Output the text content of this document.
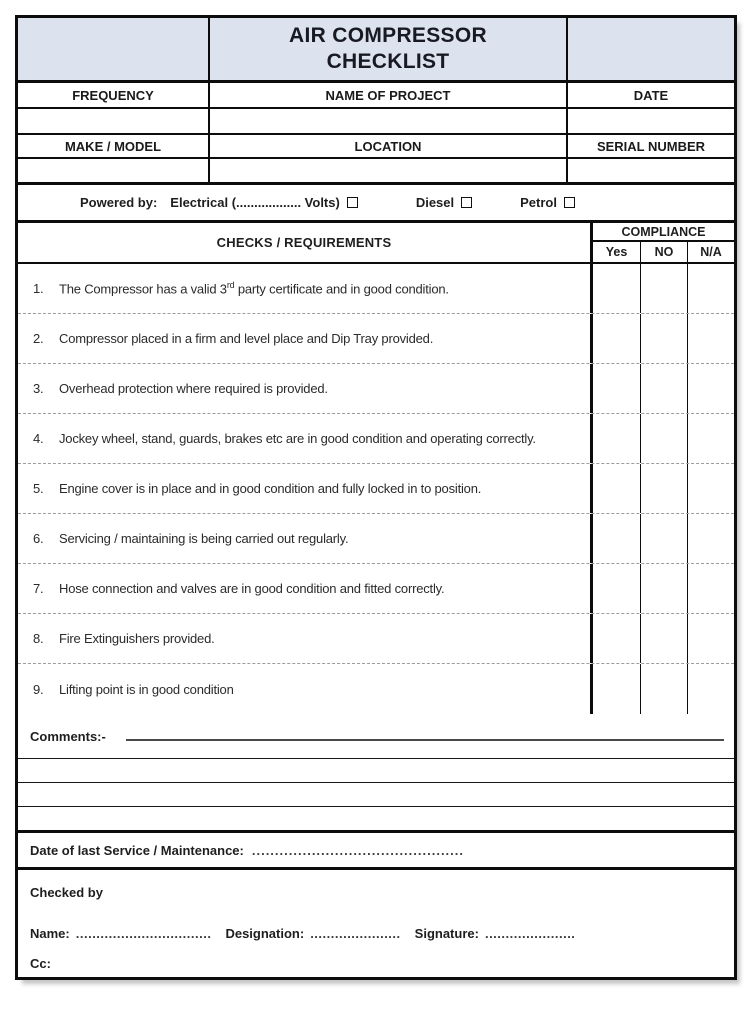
AIR COMPRESSOR
CHECKLIST
FREQUENCY	NAME OF PROJECT	DATE
MAKE / MODEL	LOCATION	SERIAL NUMBER
Powered by: Electrical (.................. Volts)	Diesel	Petrol
CHECKS / REQUIREMENTS
COMPLIANCE
Yes	NO	N/A
1.	The Compressor has a valid 3rd party certificate and in good condition.
2.	Compressor placed in a firm and level place and Dip Tray provided.
3.	Overhead protection where required is provided.
4.	Jockey wheel, stand, guards, brakes etc are in good condition and operating correctly.
5.	Engine cover is in place and in good condition and fully locked in to position.
6.	Servicing / maintaining is being carried out regularly.
7.	Hose connection and valves are in good condition and fitted correctly.
8.	Fire Extinguishers provided.
9.	Lifting point is in good condition
Comments:-
Date of last Service / Maintenance: ..............................................
Checked by
Name: ................................. Designation: ...................... Signature: ......................
Cc:
